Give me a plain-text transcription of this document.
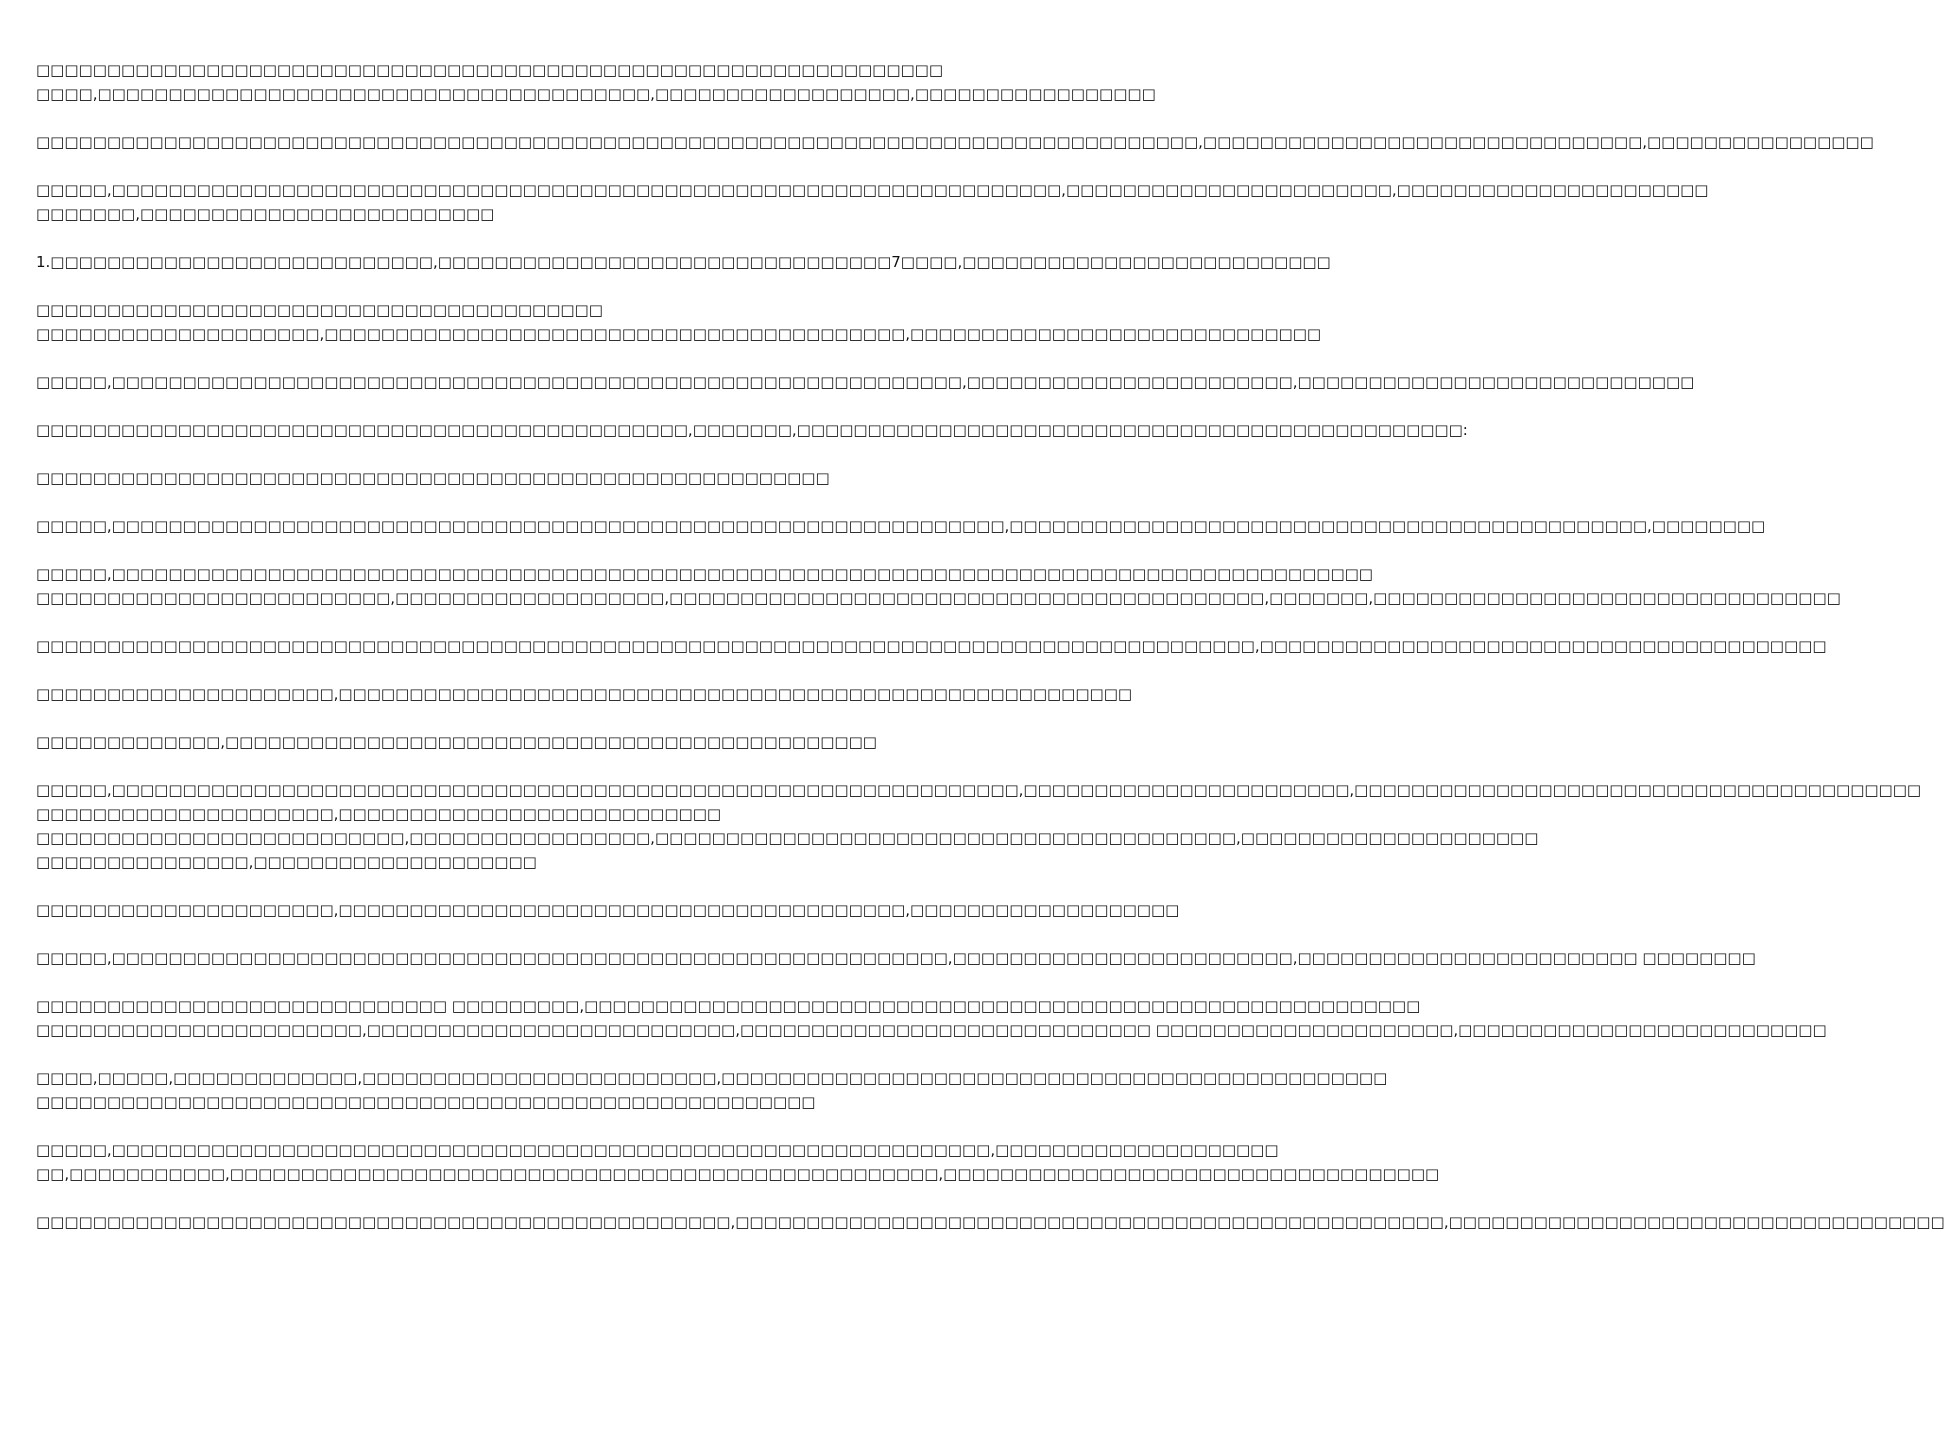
□□□□□□□□□□□□□□□□□□□□□□□□□□□□□□□□□□□□□□□□□□□□□□□□□□□□□□□□□□□□□□□□
□□□□,□□□□□□□□□□□□□□□□□□□□□□□□□□□□□□□□□□□□□□□,□□□□□□□□□□□□□□□□□□,□□□□□□□□□□□□□□□□□
□□□□□□□□□□□□□□□□□□□□□□□□□□□□□□□□□□□□□□□□□□□□□□□□□□□□□□□□□□□□□□□□□□□□□□□□□□□□□□□□□□,□□□□□□□□□□□□□□□□□□□□□□□□□□□□□□□,□□□□□□□□□□□□□□□□
□□□□□,□□□□□□□□□□□□□□□□□□□□□□□□□□□□□□□□□□□□□□□□□□□□□□□□□□□□□□□□□□□□□□□□□□□,□□□□□□□□□□□□□□□□□□□□□□□,□□□□□□□□□□□□□□□□□□□□□□
□□□□□□□,□□□□□□□□□□□□□□□□□□□□□□□□□
1.□□□□□□□□□□□□□□□□□□□□□□□□□□□,□□□□□□□□□□□□□□□□□□□□□□□□□□□□□□□□7□□□□,□□□□□□□□□□□□□□□□□□□□□□□□□□
□□□□□□□□□□□□□□□□□□□□□□□□□□□□□□□□□□□□□□□□
□□□□□□□□□□□□□□□□□□□□,□□□□□□□□□□□□□□□□□□□□□□□□□□□□□□□□□□□□□□□□□,□□□□□□□□□□□□□□□□□□□□□□□□□□□□□
□□□□□,□□□□□□□□□□□□□□□□□□□□□□□□□□□□□□□□□□□□□□□□□□□□□□□□□□□□□□□□□□□□,□□□□□□□□□□□□□□□□□□□□□□□,□□□□□□□□□□□□□□□□□□□□□□□□□□□□
□□□□□□□□□□□□□□□□□□□□□□□□□□□□□□□□□□□□□□□□□□□□□□,□□□□□□□,□□□□□□□□□□□□□□□□□□□□□□□□□□□□□□□□□□□□□□□□□□□□□□□:
□□□□□□□□□□□□□□□□□□□□□□□□□□□□□□□□□□□□□□□□□□□□□□□□□□□□□□□□
□□□□□,□□□□□□□□□□□□□□□□□□□□□□□□□□□□□□□□□□□□□□□□□□□□□□□□□□□□□□□□□□□□□□□,□□□□□□□□□□□□□□□□□□□□□□□□□□□□□□□□□□□□□□□□□□□□□,□□□□□□□□
□□□□□,□□□□□□□□□□□□□□□□□□□□□□□□□□□□□□□□□□□□□□□□□□□□□□□□□□□□□□□□□□□□□□□□□□□□□□□□□□□□□□□□□□□□□□□□□
□□□□□□□□□□□□□□□□□□□□□□□□□,□□□□□□□□□□□□□□□□□□□,□□□□□□□□□□□□□□□□□□□□□□□□□□□□□□□□□□□□□□□□□□,□□□□□□□,□□□□□□□□□□□□□□□□□□□□□□□□□□□□□□□□□
□□□□□□□□□□□□□□□□□□□□□□□□□□□□□□□□□□□□□□□□□□□□□□□□□□□□□□□□□□□□□□□□□□□□□□□□□□□□□□□□□□□□□□,□□□□□□□□□□□□□□□□□□□□□□□□□□□□□□□□□□□□□□□□
□□□□□□□□□□□□□□□□□□□□□,□□□□□□□□□□□□□□□□□□□□□□□□□□□□□□□□□□□□□□□□□□□□□□□□□□□□□□□□
□□□□□□□□□□□□□,□□□□□□□□□□□□□□□□□□□□□□□□□□□□□□□□□□□□□□□□□□□□□□
□□□□□,□□□□□□□□□□□□□□□□□□□□□□□□□□□□□□□□□□□□□□□□□□□□□□□□□□□□□□□□□□□□□□□□,□□□□□□□□□□□□□□□□□□□□□□□,□□□□□□□□□□□□□□□□□□□□□□□□□□□□□□□□□□□□□□□□
□□□□□□□□□□□□□□□□□□□□□,□□□□□□□□□□□□□□□□□□□□□□□□□□□
□□□□□□□□□□□□□□□□□□□□□□□□□□,□□□□□□□□□□□□□□□□□,□□□□□□□□□□□□□□□□□□□□□□□□□□□□□□□□□□□□□□□□□,□□□□□□□□□□□□□□□□□□□□□
□□□□□□□□□□□□□□□,□□□□□□□□□□□□□□□□□□□□
□□□□□□□□□□□□□□□□□□□□□,□□□□□□□□□□□□□□□□□□□□□□□□□□□□□□□□□□□□□□□□,□□□□□□□□□□□□□□□□□□□
□□□□□,□□□□□□□□□□□□□□□□□□□□□□□□□□□□□□□□□□□□□□□□□□□□□□□□□□□□□□□□□□□,□□□□□□□□□□□□□□□□□□□□□□□□,□□□□□□□□□□□□□□□□□□□□□□□□ □□□□□□□□
□□□□□□□□□□□□□□□□□□□□□□□□□□□□□ □□□□□□□□□,□□□□□□□□□□□□□□□□□□□□□□□□□□□□□□□□□□□□□□□□□□□□□□□□□□□□□□□□□□□
□□□□□□□□□□□□□□□□□□□□□□□,□□□□□□□□□□□□□□□□□□□□□□□□□□,□□□□□□□□□□□□□□□□□□□□□□□□□□□□□ □□□□□□□□□□□□□□□□□□□□□,□□□□□□□□□□□□□□□□□□□□□□□□□□
□□□□,□□□□□,□□□□□□□□□□□□□,□□□□□□□□□□□□□□□□□□□□□□□□□,□□□□□□□□□□□□□□□□□□□□□□□□□□□□□□□□□□□□□□□□□□□□□□□
□□□□□□□□□□□□□□□□□□□□□□□□□□□□□□□□□□□□□□□□□□□□□□□□□□□□□□□
□□□□□,□□□□□□□□□□□□□□□□□□□□□□□□□□□□□□□□□□□□□□□□□□□□□□□□□□□□□□□□□□□□□□,□□□□□□□□□□□□□□□□□□□□
□□,□□□□□□□□□□□,□□□□□□□□□□□□□□□□□□□□□□□□□□□□□□□□□□□□□□□□□□□□□□□□□□,□□□□□□□□□□□□□□□□□□□□□□□□□□□□□□□□□□□
□□□□□□□□□□□□□□□□□□□□□□□□□□□□□□□□□□□□□□□□□□□□□□□□□,□□□□□□□□□□□□□□□□□□□□□□□□□□□□□□□□□□□□□□□□□□□□□□□□□□,□□□□□□□□□□□□□□□□□□□□□□□□□□□□□□□□□□□
